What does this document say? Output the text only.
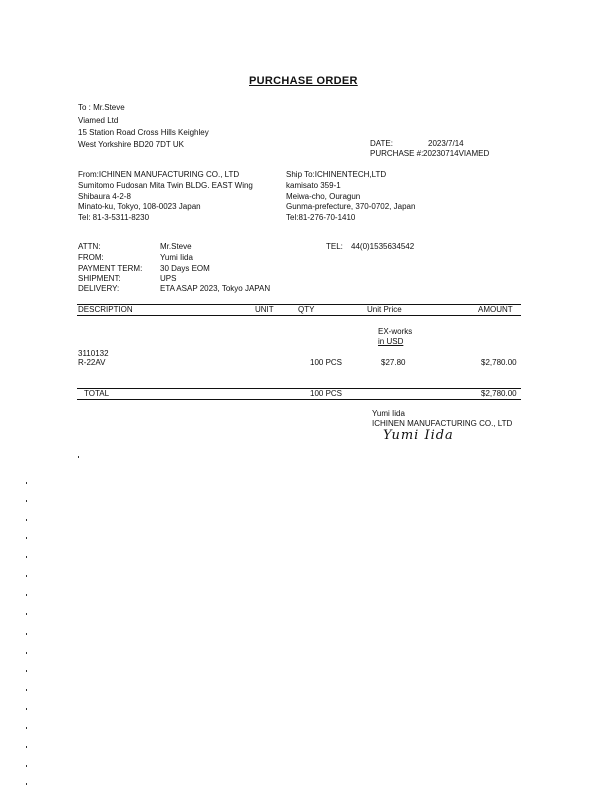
PURCHASE ORDER
To : Mr.Steve
Viamed Ltd
15 Station Road Cross Hills Keighley
West Yorkshire BD20 7DT UK	DATE:	2023/7/14
PURCHASE #: 20230714VIAMED
From:ICHINEN MANUFACTURING CO., LTD
Sumitomo Fudosan Mita Twin BLDG. EAST Wing
Shibaura 4-2-8
Minato-ku, Tokyo, 108-0023 Japan
Tel: 81-3-5311-8230
Ship To:ICHINENTECH,LTD
kamisato 359-1
Meiwa-cho, Ouragun
Gunma-prefecture, 370-0702, Japan
Tel:81-276-70-1410
ATTN:	Mr.Steve	TEL: 44(0)1535634542
FROM:	Yumi Iida
PAYMENT TERM: 30 Days EOM
SHIPMENT:	UPS
DELIVERY:	ETA ASAP 2023, Tokyo JAPAN
DESCRIPTION	UNIT	QTY	Unit Price	AMOUNT
EX-works
in USD
3110132
R-22AV	100 PCS	$27.80	$2,780.00
TOTAL	100 PCS	$2,780.00
Yumi Iida
ICHINEN MANUFACTURING CO., LTD
Yumi Iida
